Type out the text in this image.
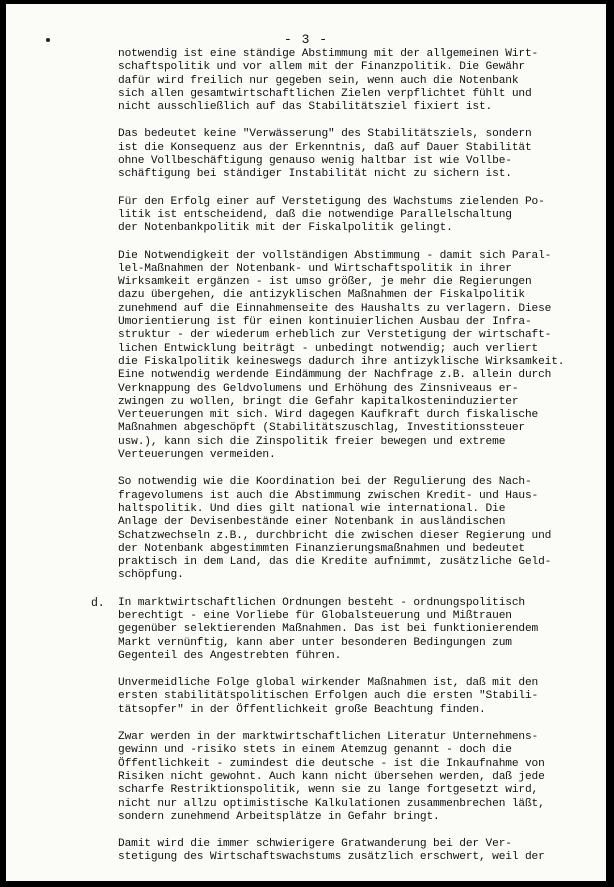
- 3 -

notwendig ist eine ständige Abstimmung mit der allgemeinen Wirt-
schaftspolitik und vor allem mit der Finanzpolitik. Die Gewähr
dafür wird freilich nur gegeben sein, wenn auch die Notenbank
sich allen gesamtwirtschaftlichen Zielen verpflichtet fühlt und
nicht ausschließlich auf das Stabilitätsziel fixiert ist.

Das bedeutet keine "Verwässerung" des Stabilitätsziels, sondern
ist die Konsequenz aus der Erkenntnis, daß auf Dauer Stabilität
ohne Vollbeschäftigung genauso wenig haltbar ist wie Vollbe-
schäftigung bei ständiger Instabilität nicht zu sichern ist.

Für den Erfolg einer auf Verstetigung des Wachstums zielenden Po-
litik ist entscheidend, daß die notwendige Parallelschaltung
der Notenbankpolitik mit der Fiskalpolitik gelingt.

Die Notwendigkeit der vollständigen Abstimmung - damit sich Paral-
lel-Maßnahmen der Notenbank- und Wirtschaftspolitik in ihrer
Wirksamkeit ergänzen - ist umso größer, je mehr die Regierungen
dazu übergehen, die antizyklischen Maßnahmen der Fiskalpolitik
zunehmend auf die Einnahmenseite des Haushalts zu verlagern. Diese
Umorientierung ist für einen kontinuierlichen Ausbau der Infra-
struktur - der wiederum erheblich zur Verstetigung der wirtschaft-
lichen Entwicklung beiträgt - unbedingt notwendig; auch verliert
die Fiskalpolitik keineswegs dadurch ihre antizyklische Wirksamkeit.
Eine notwendig werdende Eindämmung der Nachfrage z.B. allein durch
Verknappung des Geldvolumens und Erhöhung des Zinsniveaus er-
zwingen zu wollen, bringt die Gefahr kapitalkosteninduzierter
Verteuerungen mit sich. Wird dagegen Kaufkraft durch fiskalische
Maßnahmen abgeschöpft (Stabilitätszuschlag, Investitionssteuer
usw.), kann sich die Zinspolitik freier bewegen und extreme
Verteuerungen vermeiden.

So notwendig wie die Koordination bei der Regulierung des Nach-
fragevolumens ist auch die Abstimmung zwischen Kredit- und Haus-
haltspolitik. Und dies gilt national wie international. Die
Anlage der Devisenbestände einer Notenbank in ausländischen
Schatzwechseln z.B., durchbricht die zwischen dieser Regierung und
der Notenbank abgestimmten Finanzierungsmaßnahmen und bedeutet
praktisch in dem Land, das die Kredite aufnimmt, zusätzliche Geld-
schöpfung.

d. In marktwirtschaftlichen Ordnungen besteht - ordnungspolitisch
berechtigt - eine Vorliebe für Globalsteuerung und Mißtrauen
gegenüber selektierenden Maßnahmen. Das ist bei funktionierendem
Markt vernünftig, kann aber unter besonderen Bedingungen zum
Gegenteil des Angestrebten führen.

Unvermeidliche Folge global wirkender Maßnahmen ist, daß mit den
ersten stabilitätspolitischen Erfolgen auch die ersten "Stabili-
tätsopfer" in der Öffentlichkeit große Beachtung finden.

Zwar werden in der marktwirtschaftlichen Literatur Unternehmens-
gewinn und -risiko stets in einem Atemzug genannt - doch die
Öffentlichkeit - zumindest die deutsche - ist die Inkaufnahme von
Risiken nicht gewohnt. Auch kann nicht übersehen werden, daß jede
scharfe Restriktionspolitik, wenn sie zu lange fortgesetzt wird,
nicht nur allzu optimistische Kalkulationen zusammenbrechen läßt,
sondern zunehmend Arbeitsplätze in Gefahr bringt.

Damit wird die immer schwierigere Gratwanderung bei der Ver-
stetigung des Wirtschaftswachstums zusätzlich erschwert, weil der
